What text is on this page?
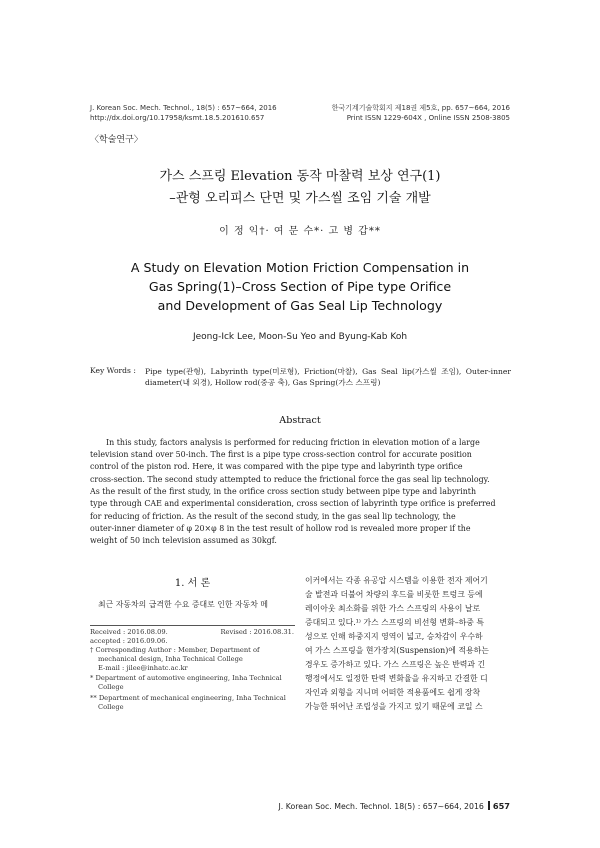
J. Korean Soc. Mech. Technol., 18(5) : 657~664, 2016
http://dx.doi.org/10.17958/ksmt.18.5.201610.657
한국기계기술학회지 제18권 제5호, pp. 657~664, 2016
Print ISSN 1229-604X , Online ISSN 2508-3805
〈학술연구〉
가스 스프링 Elevation 동작 마찰력 보상 연구(1)
–관형 오리피스 단면 및 가스씰 조임 기술 개발
이 정 익†· 여 문 수*· 고 병 갑**
A Study on Elevation Motion Friction Compensation in
Gas Spring(1)–Cross Section of Pipe type Orifice
and Development of Gas Seal Lip Technology
Jeong-Ick Lee, Moon-Su Yeo and Byung-Kab Koh
Key Words : Pipe type(관형), Labyrinth type(미로형), Friction(마찰), Gas Seal lip(가스씰 조임), Outer-inner diameter(내 외경), Hollow rod(중공 축), Gas Spring(가스 스프링)
Abstract
In this study, factors analysis is performed for reducing friction in elevation motion of a large
television stand over 50-inch. The first is a pipe type cross-section control for accurate position
control of the piston rod. Here, it was compared with the pipe type and labyrinth type orifice
cross-section. The second study attempted to reduce the frictional force the gas seal lip technology.
As the result of the first study, in the orifice cross section study between pipe type and labyrinth
type through CAE and experimental consideration, cross section of labyrinth type orifice is preferred
for reducing of friction. As the result of the second study, in the gas seal lip technology, the
outer-inner diameter of φ 20×φ 8 in the test result of hollow rod is revealed more proper if the
weight of 50 inch television assumed as 30kgf.
1. 서 론
최근 자동차의 급격한 수요 증대로 인한 자동차 메
이커에서는 각종 유공압 시스템을 이용한 전자 제어기
술 발전과 더불어 차량의 후드를 비롯한 트렁크 등에
레이아웃 최소화를 위한 가스 스프링의 사용이 날로
증대되고 있다.¹⁾ 가스 스프링의 비선형 변화–하중 특
성으로 인해 하중지지 영역이 넓고, 승차감이 우수하
여 가스 스프링을 현가장치(Suspension)에 적용하는
경우도 증가하고 있다. 가스 스프링은 높은 반력과 긴
행정에서도 일정한 탄력 변화율을 유지하고 간결한 디
자인과 외형을 지니며 어떠한 적용품에도 쉽게 장착
가능한 뛰어난 조립성을 가지고 있기 때문에 코일 스
Received : 2016.08.09.	Revised : 2016.08.31.
accepted : 2016.09.06.
† Corresponding Author : Member, Department of
mechanical design, Inha Technical College
E-mail : jilee@inhatc.ac.kr
* Department of automotive engineering, Inha Technical
College
** Department of mechanical engineering, Inha Technical
College
J. Korean Soc. Mech. Technol. 18(5) : 657~664, 2016 657
